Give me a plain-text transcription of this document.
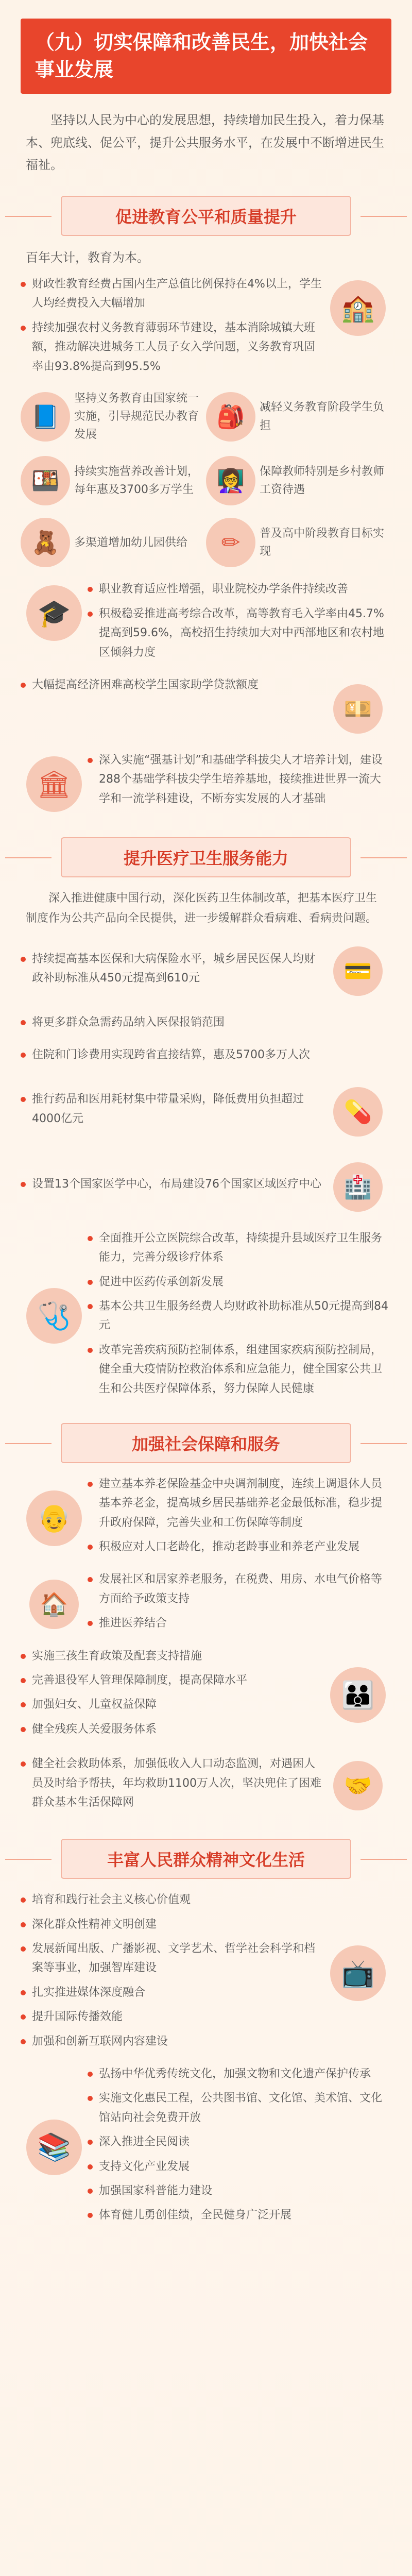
（九）切实保障和改善民生，加快社会事业发展
坚持以人民为中心的发展思想，持续增加民生投入，着力保基本、兜底线、促公平，提升公共服务水平，在发展中不断增进民生福祉。
促进教育公平和质量提升
百年大计，教育为本。
财政性教育经费占国内生产总值比例保持在4%以上，学生人均经费投入大幅增加
持续加强农村义务教育薄弱环节建设，基本消除城镇大班额，推动解决进城务工人员子女入学问题，义务教育巩固率由93.8%提高到95.5%
🏫
📘
坚持义务教育由国家统一实施，引导规范民办教育发展
🎒	减轻义务教育阶段学生负担
🍱	持续实施营养改善计划，每年惠及3700多万学生	👩‍🏫	保障教师特别是乡村教师工资待遇
🧸	多渠道增加幼儿园供给	✏	普及高中阶段教育目标实现
🎓
职业教育适应性增强，职业院校办学条件持续改善
积极稳妥推进高考综合改革，高等教育毛入学率由45.7%提高到59.6%，高校招生持续加大对中西部地区和农村地区倾斜力度
大幅提高经济困难高校学生国家助学贷款额度
💴
🏛
深入实施“强基计划”和基础学科拔尖人才培养计划，建设288个基础学科拔尖学生培养基地，接续推进世界一流大学和一流学科建设，不断夯实发展的人才基础
提升医疗卫生服务能力
深入推进健康中国行动，深化医药卫生体制改革，把基本医疗卫生制度作为公共产品向全民提供，进一步缓解群众看病难、看病贵问题。
持续提高基本医保和大病保险水平，城乡居民医保人均财政补助标准从450元提高到610元	💳
将更多群众急需药品纳入医保报销范围
住院和门诊费用实现跨省直接结算，惠及5700多万人次
推行药品和医用耗材集中带量采购，降低费用负担超过4000亿元	💊
设置13个国家医学中心，布局建设76个国家区域医疗中心 🏥
🩺
全面推开公立医院综合改革，持续提升县域医疗卫生服务能力，完善分级诊疗体系
促进中医药传承创新发展
基本公共卫生服务经费人均财政补助标准从50元提高到84元
改革完善疾病预防控制体系，组建国家疾病预防控制局，健全重大疫情防控救治体系和应急能力，健全国家公共卫生和公共医疗保障体系，努力保障人民健康
加强社会保障和服务
👴
建立基本养老保险基金中央调剂制度，连续上调退休人员基本养老金，提高城乡居民基础养老金最低标准，稳步提升政府保障，完善失业和工伤保障等制度
积极应对人口老龄化，推动老龄事业和养老产业发展
🏠
发展社区和居家养老服务，在税费、用房、水电气价格等方面给予政策支持
推进医养结合
实施三孩生育政策及配套支持措施
完善退役军人管理保障制度，提高保障水平
加强妇女、儿童权益保障
健全残疾人关爱服务体系
👪
健全社会救助体系，加强低收入人口动态监测，对遇困人员及时给予帮扶，年均救助1100万人次，坚决兜住了困难群众基本生活保障网
🤝
丰富人民群众精神文化生活
培育和践行社会主义核心价值观
深化群众性精神文明创建
发展新闻出版、广播影视、文学艺术、哲学社会科学和档案等事业，加强智库建设
扎实推进媒体深度融合
提升国际传播效能
加强和创新互联网内容建设
📺
📚
弘扬中华优秀传统文化，加强文物和文化遗产保护传承
实施文化惠民工程，公共图书馆、文化馆、美术馆、文化馆站向社会免费开放
深入推进全民阅读
支持文化产业发展
加强国家科普能力建设
体育健儿勇创佳绩，全民健身广泛开展
